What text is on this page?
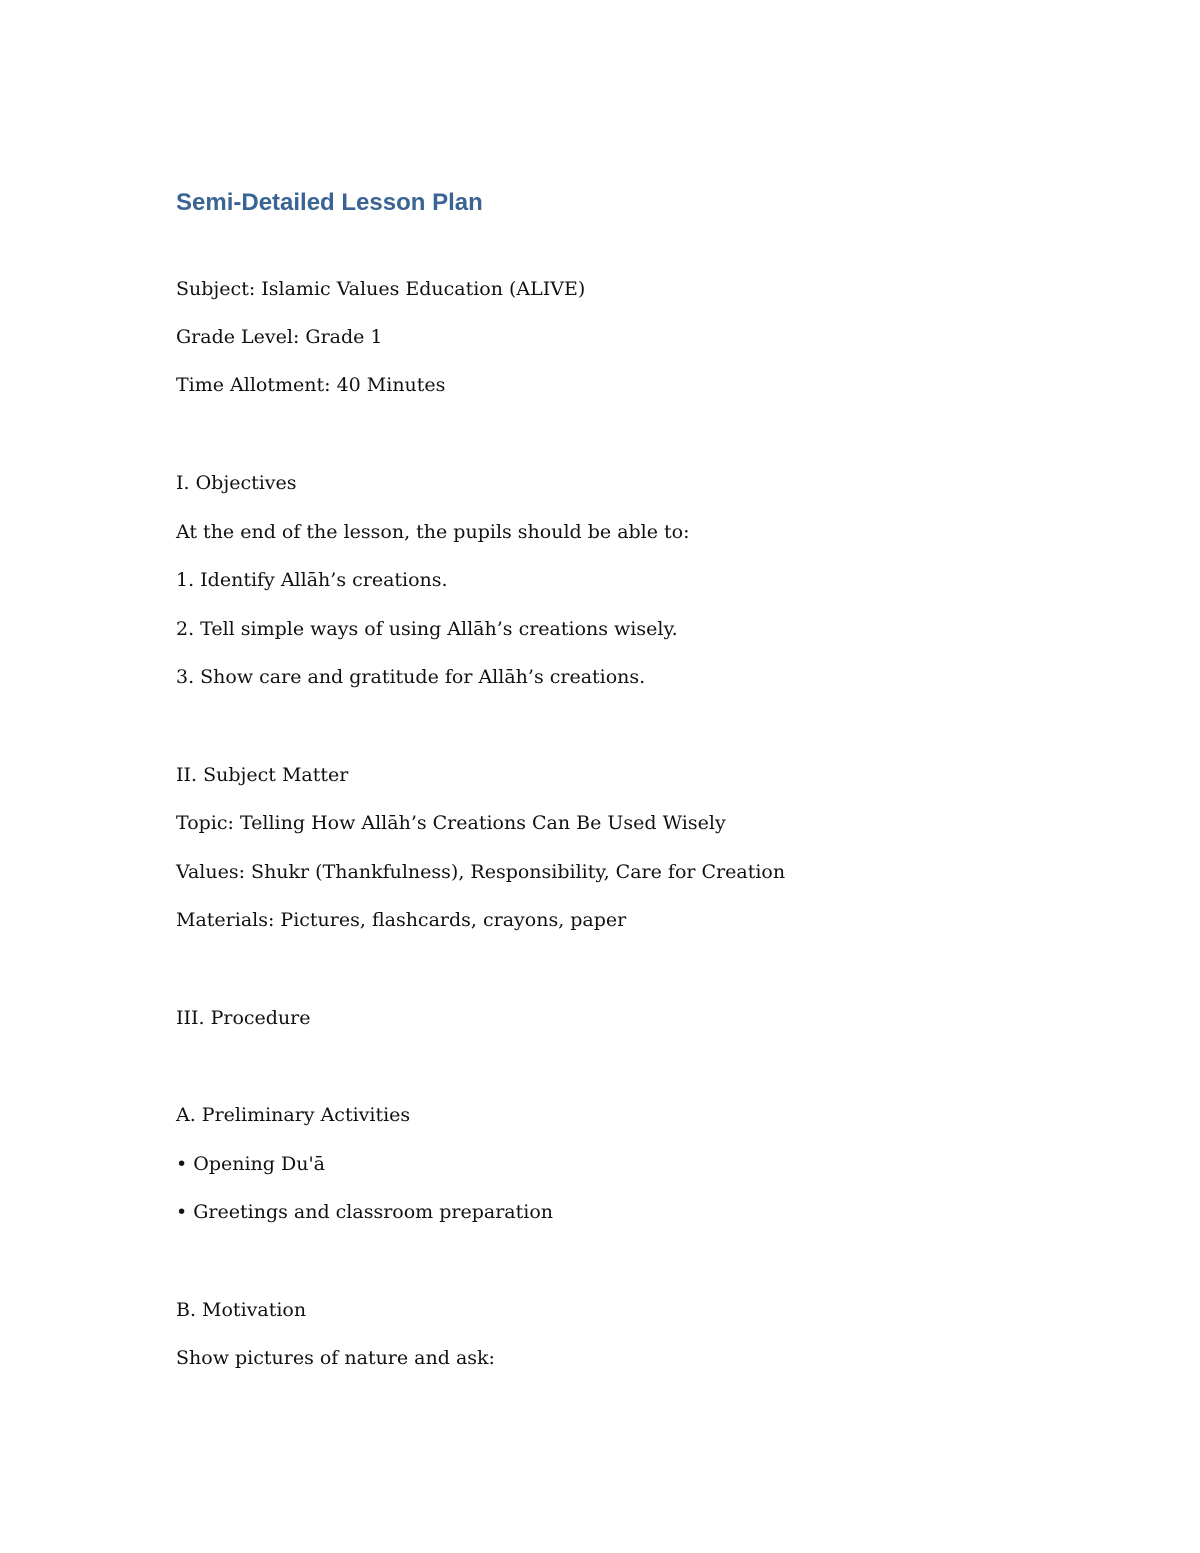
Semi-Detailed Lesson Plan
Subject: Islamic Values Education (ALIVE)
Grade Level: Grade 1
Time Allotment: 40 Minutes
I. Objectives
At the end of the lesson, the pupils should be able to:
1. Identify Allāh’s creations.
2. Tell simple ways of using Allāh’s creations wisely.
3. Show care and gratitude for Allāh’s creations.
II. Subject Matter
Topic: Telling How Allāh’s Creations Can Be Used Wisely
Values: Shukr (Thankfulness), Responsibility, Care for Creation
Materials: Pictures, flashcards, crayons, paper
III. Procedure
A. Preliminary Activities
• Opening Du'ā
• Greetings and classroom preparation
B. Motivation
Show pictures of nature and ask:
